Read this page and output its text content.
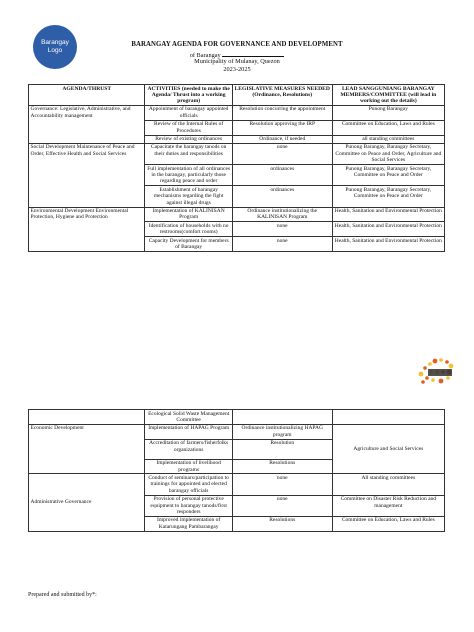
Barangay Logo
BARANGAY AGENDA FOR GOVERNANCE AND DEVELOPMENT
of Barangay
Municipality of Mulanay, Quezon
2023-2025
AGENDA/THRUST	ACTIVITIES (needed to make the Agenda/ Thrust into a working program)	LEGISLATIVE MEASURES NEEDED (Ordinance, Resolutions)	LEAD SANGGUNIANG BARANGAY MEMBERS/COMMITTEE (will lead in working out the details)
Governance: Legislative, Administrative, and Accountability management	Appointment of barangay appointed officials	Resolution concurring the appointment	Punong Barangay
	Review of the Internal Rules of Procedures	Resolution approving the IRP	Committee on Education, Laws and Rules
	Review of existing ordinances	Ordinance, if needed	all standing committees
Social Development Maintenance of Peace and Order, Effective Health and Social Services	Capacitate the barangay tanods on their duties and responsibilities	none	Punong Barangay, Barangay Secretary, Committee on Peace and Order, Agriculture and Social Services
	Full implementation of all ordinances in the barangay, particularly those regarding peace and order	ordinances	Punong Barangay, Barangay Secretary, Committee on Peace and Order
	Establishment of barangay mechanisms regarding the fight against illegal drugs	ordinances	Punong Barangay, Barangay Secretary, Committee on Peace and Order
Environmental Development Environmental Protection, Hygiene and Protection	Implementation of KALINISAN Program	Ordinance institutionalizing the KALINISAN Program	Health, Sanitation and Environmental Protection
	Identification of households with no restrooms(comfort rooms)	none	Health, Sanitation and Environmental Protection
	Capacity Development for members of Barangay	none	Health, Sanitation and Environmental Protection
	Ecological Solid Waste Management Committee		
Economic Development	Implementation of HAPAG Program	Ordinance institutionalizing HAPAG program	Agriculture and Social Services
	Accreditation of farmers/fisherfolks organizations	Resolution	
	Implementation of livelihood programs	Resolutions	
Administrative Governance	Conduct of seminars/participation to trainings for appointed and elected barangay officials	none	All standing committees
	Provision of personal protective equipment to barangay tanods/first responders	none	Committee on Disaster Risk Reduction and management
	Improved implementation of Katarungang Pambarangay	Resolutions	Committee on Education, Laws and Rules
Prepared and submitted by*:
